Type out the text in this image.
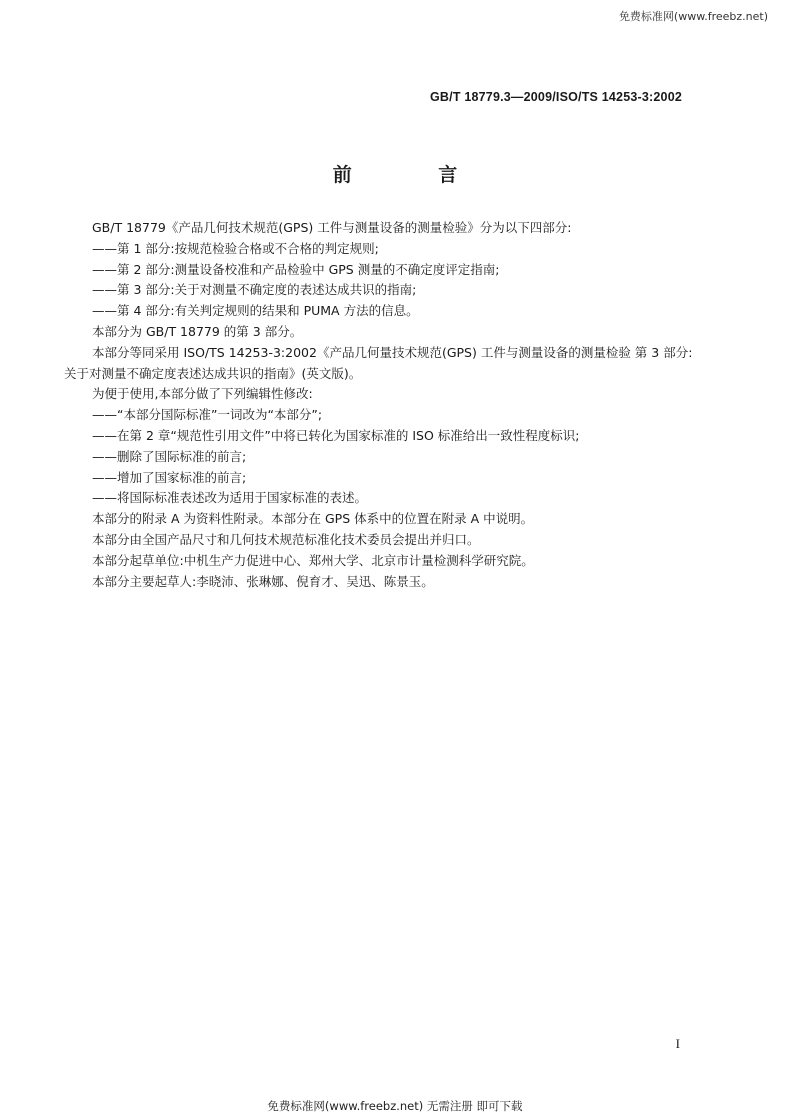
免费标准网(www.freebz.net)
GB/T 18779.3—2009/ISO/TS 14253-3:2002
前 言

GB/T 18779《产品几何技术规范(GPS) 工件与测量设备的测量检验》分为以下四部分:

——第 1 部分:按规范检验合格或不合格的判定规则;

——第 2 部分:测量设备校准和产品检验中 GPS 测量的不确定度评定指南;

——第 3 部分:关于对测量不确定度的表述达成共识的指南;

——第 4 部分:有关判定规则的结果和 PUMA 方法的信息。

本部分为 GB/T 18779 的第 3 部分。

本部分等同采用 ISO/TS 14253-3:2002《产品几何量技术规范(GPS) 工件与测量设备的测量检验 第 3 部分:关于对测量不确定度表述达成共识的指南》(英文版)。

为便于使用,本部分做了下列编辑性修改:

——“本部分国际标准”一词改为“本部分”;

——在第 2 章“规范性引用文件”中将已转化为国家标准的 ISO 标准给出一致性程度标识;

——删除了国际标准的前言;

——增加了国家标准的前言;

——将国际标准表述改为适用于国家标准的表述。

本部分的附录 A 为资料性附录。本部分在 GPS 体系中的位置在附录 A 中说明。

本部分由全国产品尺寸和几何技术规范标准化技术委员会提出并归口。

本部分起草单位:中机生产力促进中心、郑州大学、北京市计量检测科学研究院。

本部分主要起草人:李晓沛、张琳娜、倪育才、吴迅、陈景玉。

I
免费标准网(www.freebz.net) 无需注册 即可下载
